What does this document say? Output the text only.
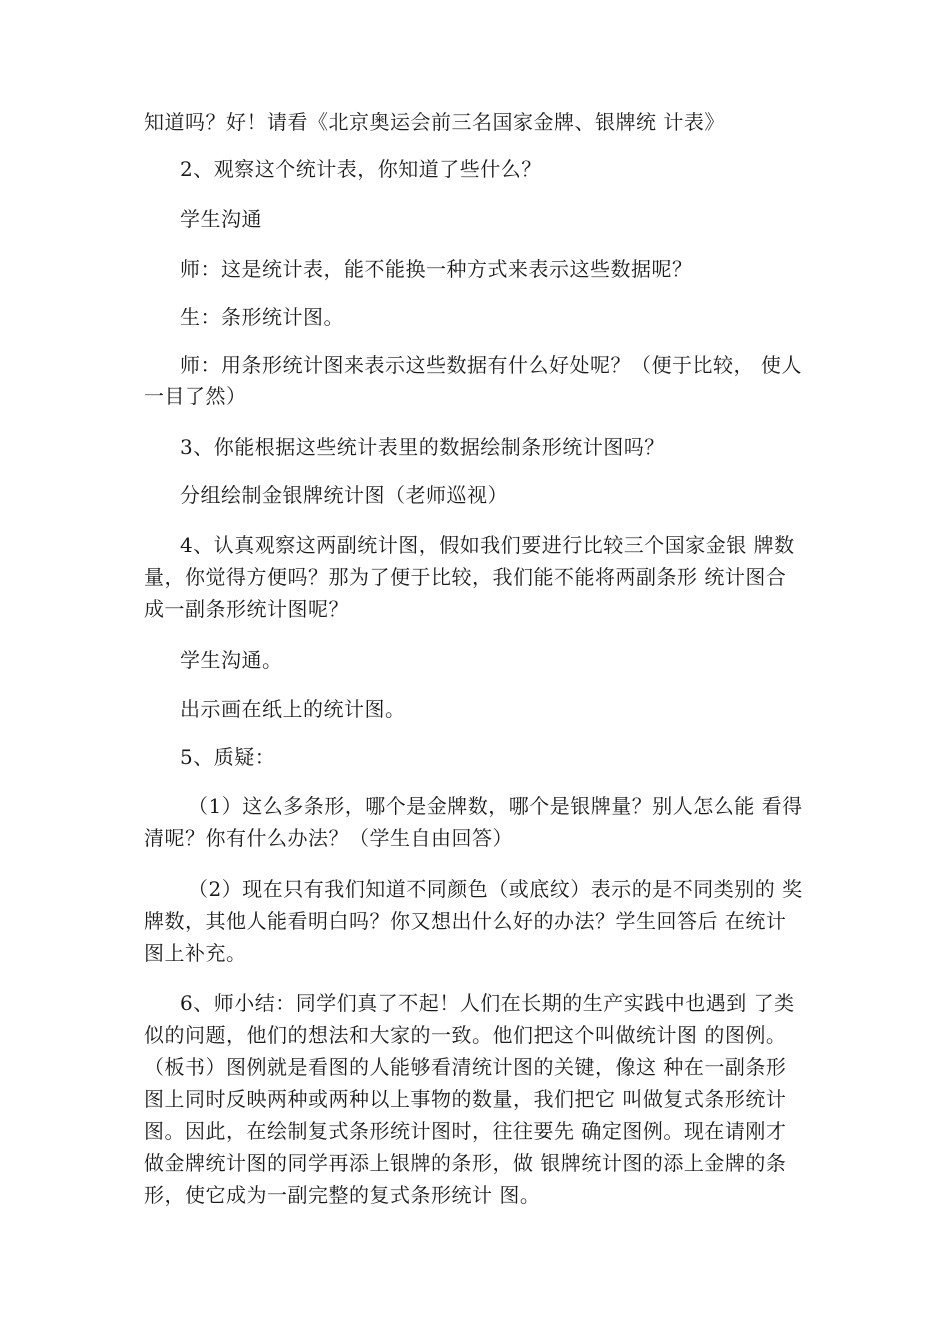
知道吗？好！请看《北京奥运会前三名国家金牌、银牌统 计表》
2、观察这个统计表，你知道了些什么？
学生沟通
师：这是统计表，能不能换一种方式来表示这些数据呢？
生：条形统计图。
师：用条形统计图来表示这些数据有什么好处呢？（便于比较， 使人
一目了然）
3、你能根据这些统计表里的数据绘制条形统计图吗？
分组绘制金银牌统计图（老师巡视）
4、认真观察这两副统计图，假如我们要进行比较三个国家金银 牌数
量，你觉得方便吗？那为了便于比较，我们能不能将两副条形 统计图合
成一副条形统计图呢？
学生沟通。
出示画在纸上的统计图。
5、质疑：
（1）这么多条形，哪个是金牌数，哪个是银牌量？别人怎么能 看得
清呢？你有什么办法？（学生自由回答）
（2）现在只有我们知道不同颜色（或底纹）表示的是不同类别的 奖
牌数，其他人能看明白吗？你又想出什么好的办法？学生回答后 在统计
图上补充。
6、师小结：同学们真了不起！人们在长期的生产实践中也遇到 了类
似的问题，他们的想法和大家的一致。他们把这个叫做统计图 的图例。
（板书）图例就是看图的人能够看清统计图的关键，像这 种在一副条形
图上同时反映两种或两种以上事物的数量，我们把它 叫做复式条形统计
图。因此，在绘制复式条形统计图时，往往要先 确定图例。现在请刚才
做金牌统计图的同学再添上银牌的条形，做 银牌统计图的添上金牌的条
形，使它成为一副完整的复式条形统计 图。
